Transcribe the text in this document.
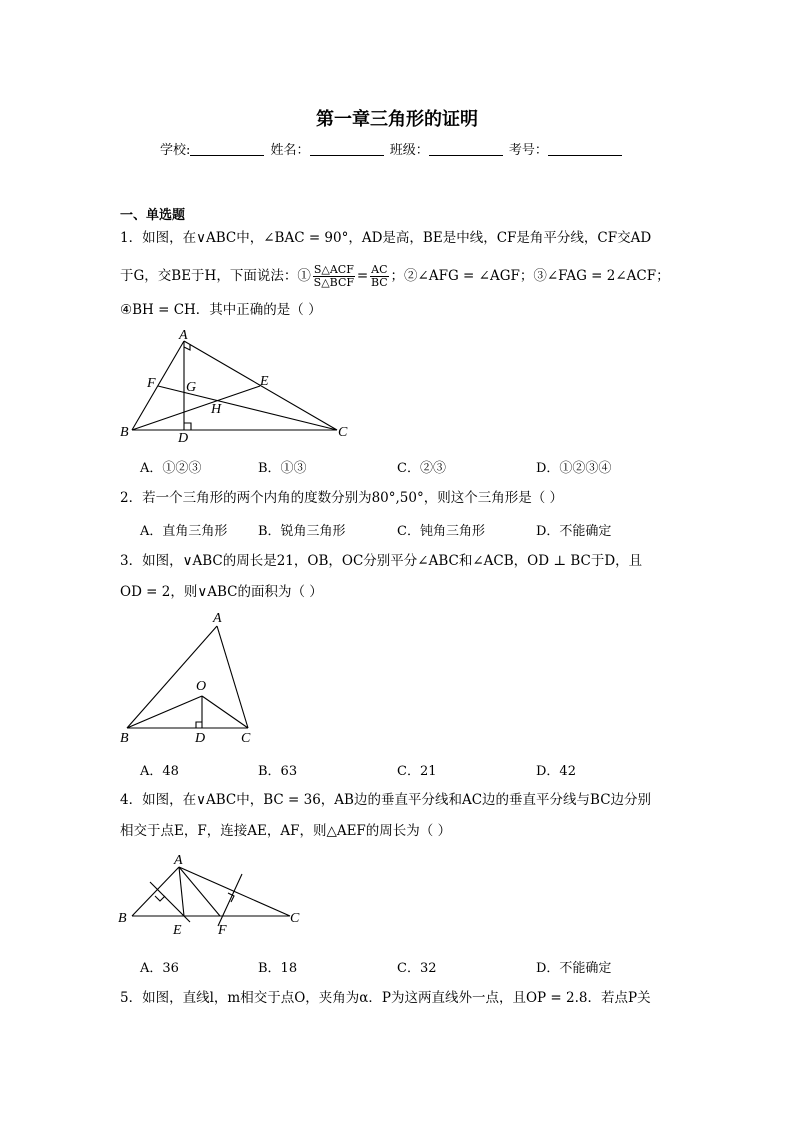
第一章三角形的证明
学校:	姓名：	班级：	考号：
一、单选题
1．如图，在∨ABC中，∠BAC = 90°，AD是高，BE是中线，CF是角平分线，CF交AD
于G，交BE于H，下面说法：① $\frac{\text{S△ACF}}{\text{S△BCF}} = \frac{AC}{BC}$ ；②∠AFG = ∠AGF；③∠FAG = 2∠ACF；
④BH = CH．其中正确的是（ ）
A
B	C
D
E
F G
H
A．①②③	B．①③	C．②③	D．①②③④
2．若一个三角形的两个内角的度数分别为80°,50°，则这个三角形是（ ）
A．直角三角形 B．锐角三角形	C．钝角三角形	D．不能确定
3．如图，∨ABC的周长是21，OB，OC分别平分∠ABC和∠ACB，OD ⊥ BC于D，且
OD = 2，则∨ABC的面积为（ ）
A
B	C
D
O
A．48	B．63	C．21	D．42
4．如图，在∨ABC中，BC = 36，AB边的垂直平分线和AC边的垂直平分线与BC边分别
相交于点E，F，连接AE，AF，则△AEF的周长为（ ）
A
B	C
E	F
A．36	B．18	C．32	D．不能确定
5．如图，直线l，m相交于点O，夹角为α．P为这两直线外一点，且OP = 2.8．若点P关
